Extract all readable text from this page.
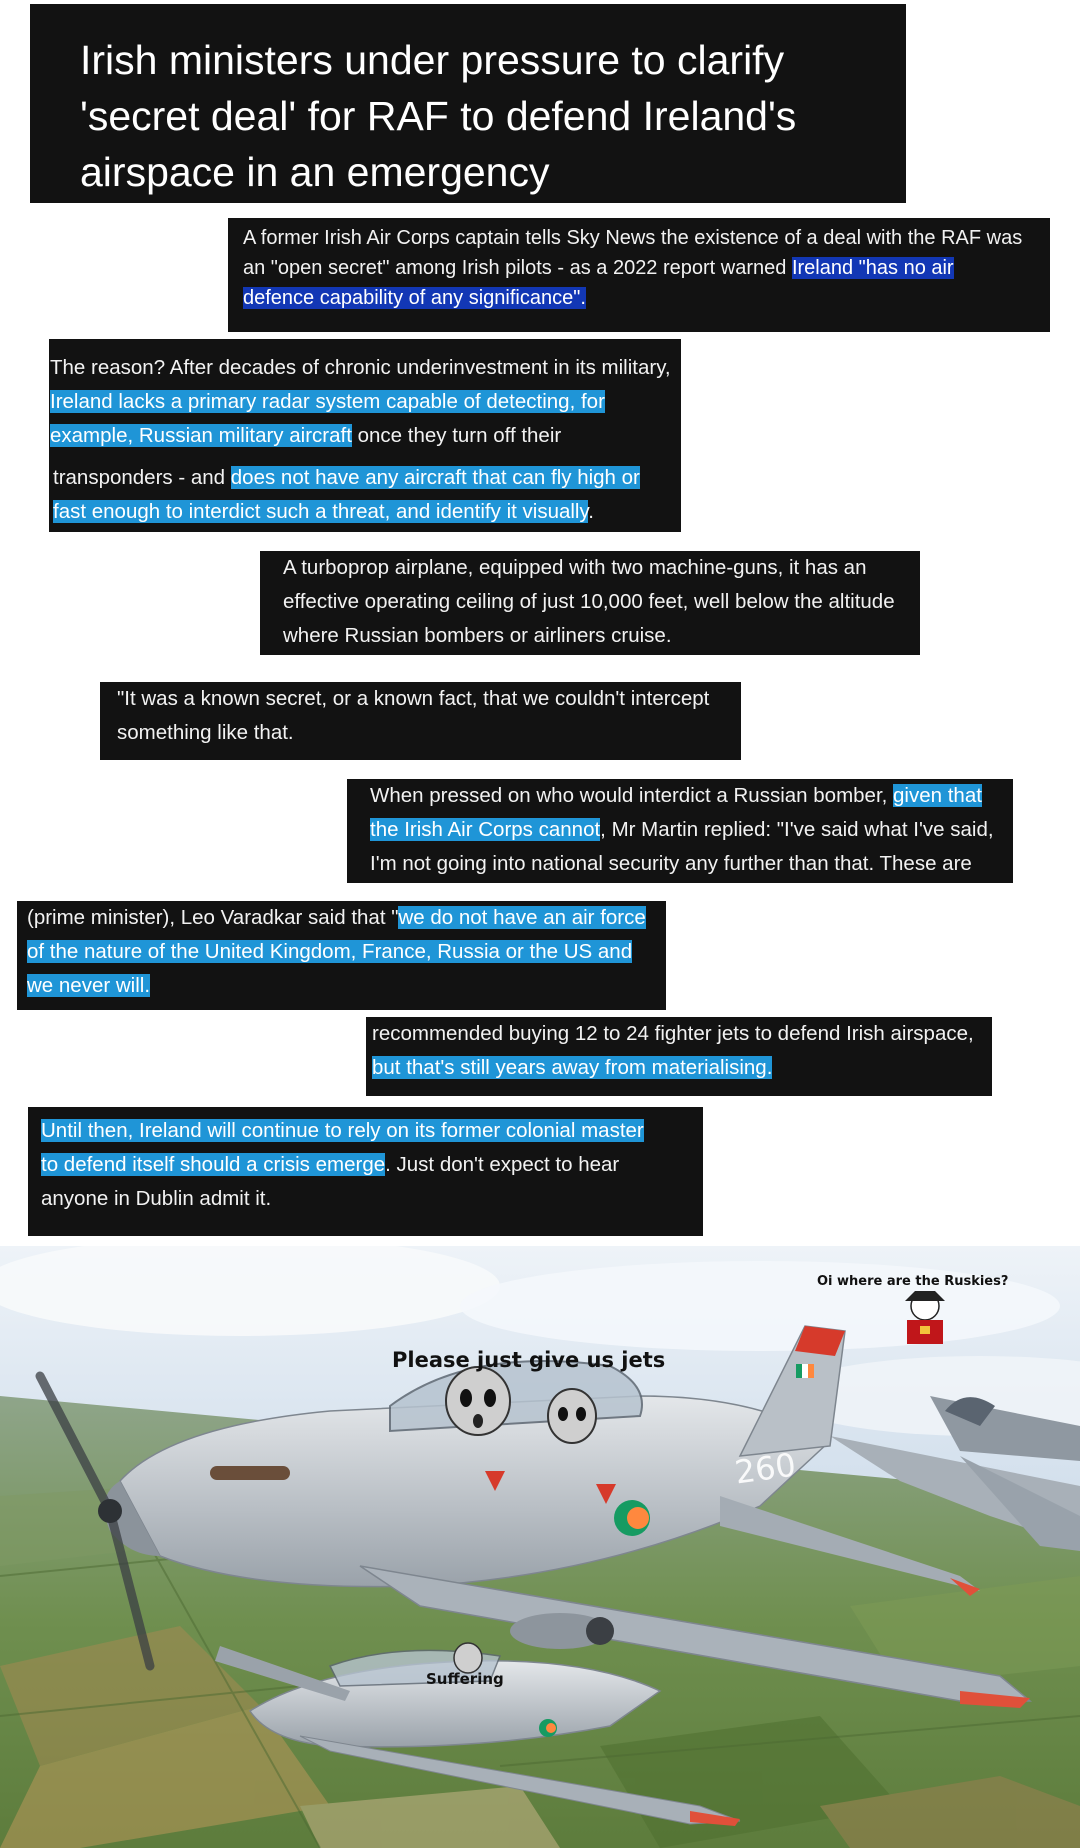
Irish ministers under pressure to clarify
'secret deal' for RAF to defend Ireland's
airspace in an emergency
A former Irish Air Corps captain tells Sky News the existence of a deal with the RAF was
an "open secret" among Irish pilots - as a 2022 report warned Ireland "has no air
defence capability of any significance".
The reason? After decades of chronic underinvestment in its military,
Ireland lacks a primary radar system capable of detecting, for
example, Russian military aircraft once they turn off their
transponders - and does not have any aircraft that can fly high or
fast enough to interdict such a threat, and identify it visually.
A turboprop airplane, equipped with two machine-guns, it has an
effective operating ceiling of just 10,000 feet, well below the altitude
where Russian bombers or airliners cruise.
"It was a known secret, or a known fact, that we couldn't intercept
something like that.
When pressed on who would interdict a Russian bomber, given that
the Irish Air Corps cannot, Mr Martin replied: "I've said what I've said,
I'm not going into national security any further than that. These are
(prime minister), Leo Varadkar said that "we do not have an air force
of the nature of the United Kingdom, France, Russia or the US and
we never will.
recommended buying 12 to 24 fighter jets to defend Irish airspace,
but that's still years away from materialising.
Until then, Ireland will continue to rely on its former colonial master
to defend itself should a crisis emerge. Just don't expect to hear
anyone in Dublin admit it.
260
Please just give us jets
Oi where are the Ruskies?
Suffering
